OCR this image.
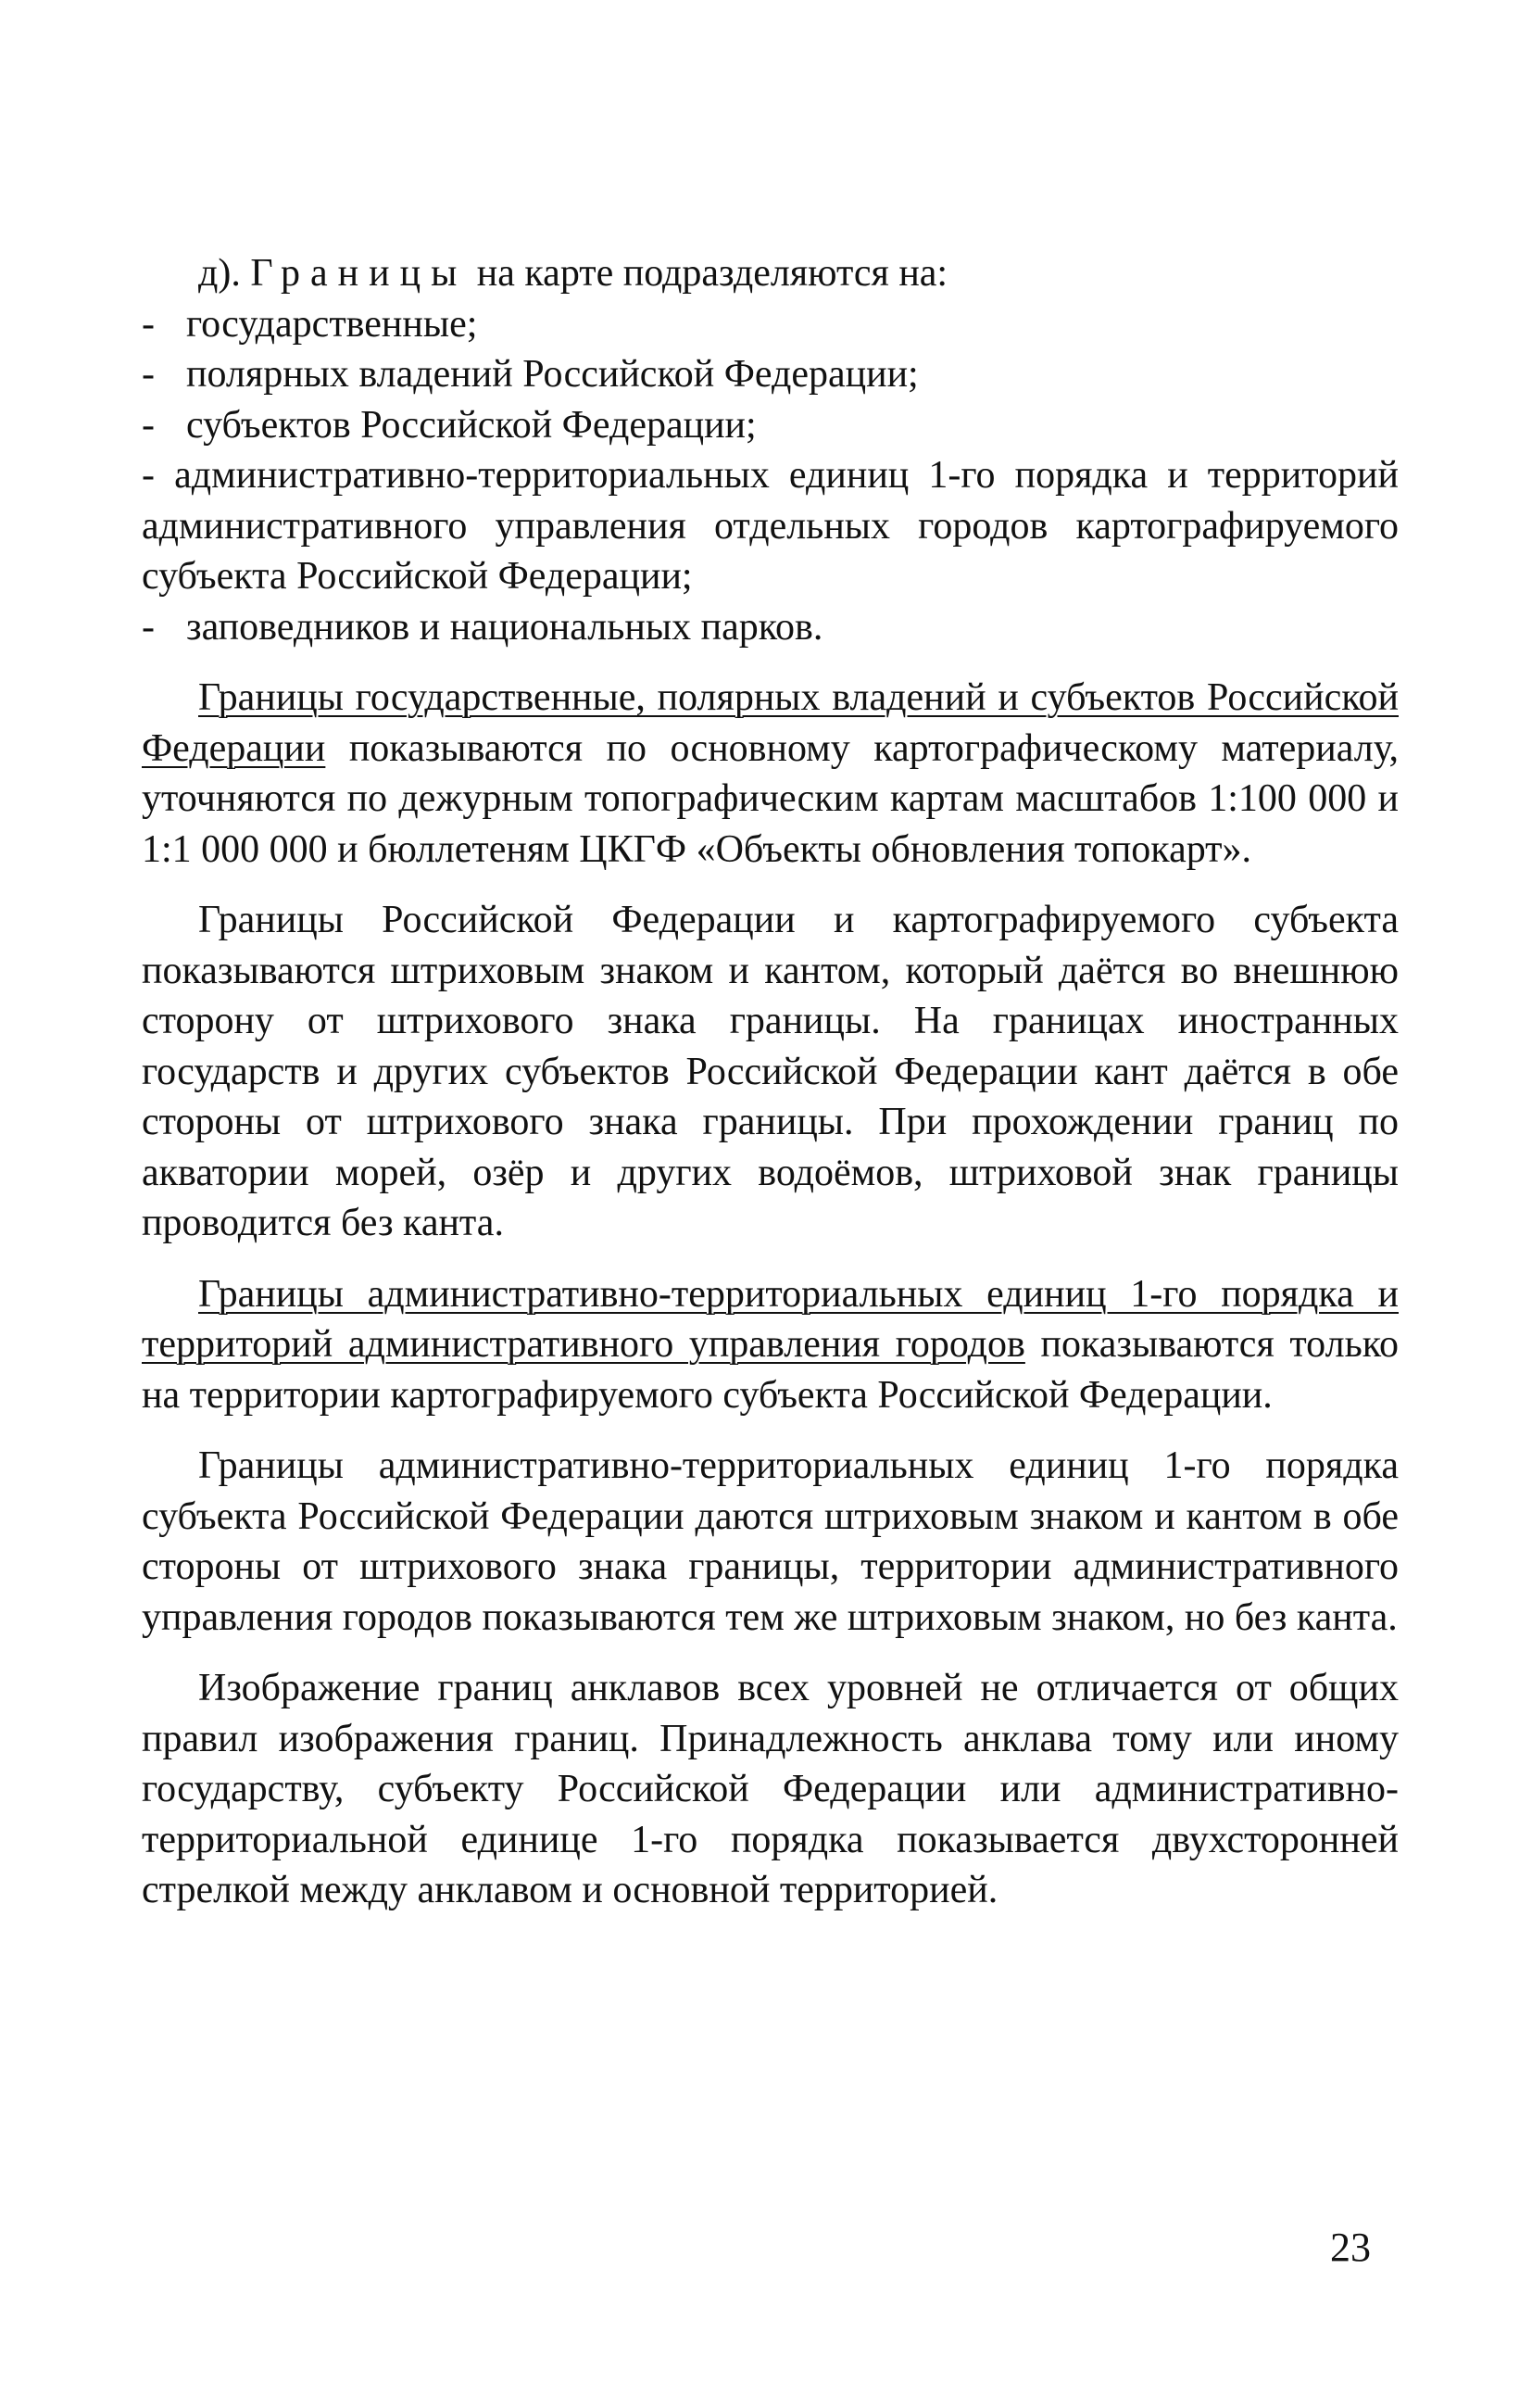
д). Границы на карте подразделяются на:

- государственные;
- полярных владений Российской Федерации;
- субъектов Российской Федерации;

- административно-территориальных единиц 1-го порядка и территорий административного управления отдельных городов картографируемого субъекта Российской Федерации;

- заповедников и национальных парков.

Границы государственные, полярных владений и субъектов Российской Федерации показываются по основному картографическому материалу, уточняются по дежурным топографическим картам масштабов 1:100 000 и 1:1 000 000 и бюллетеням ЦКГФ «Объекты обновления топокарт».

Границы Российской Федерации и картографируемого субъекта показываются штриховым знаком и кантом, который даётся во внешнюю сторону от штрихового знака границы. На границах иностранных государств и других субъектов Российской Федерации кант даётся в обе стороны от штрихового знака границы. При прохождении границ по акватории морей, озёр и других водоёмов, штриховой знак границы проводится без канта.

Границы административно-территориальных единиц 1-го порядка и территорий административного управления городов показываются только на территории картографируемого субъекта Российской Федерации.

Границы административно-территориальных единиц 1-го порядка субъекта Российской Федерации даются штриховым знаком и кантом в обе стороны от штрихового знака границы, территории административного управления городов показываются тем же штриховым знаком, но без канта.

Изображение границ анклавов всех уровней не отличается от общих правил изображения границ. Принадлежность анклава тому или иному государству, субъекту Российской Федерации или административно-территориальной единице 1-го порядка показывается двухсторонней стрелкой между анклавом и основной территорией.

23
